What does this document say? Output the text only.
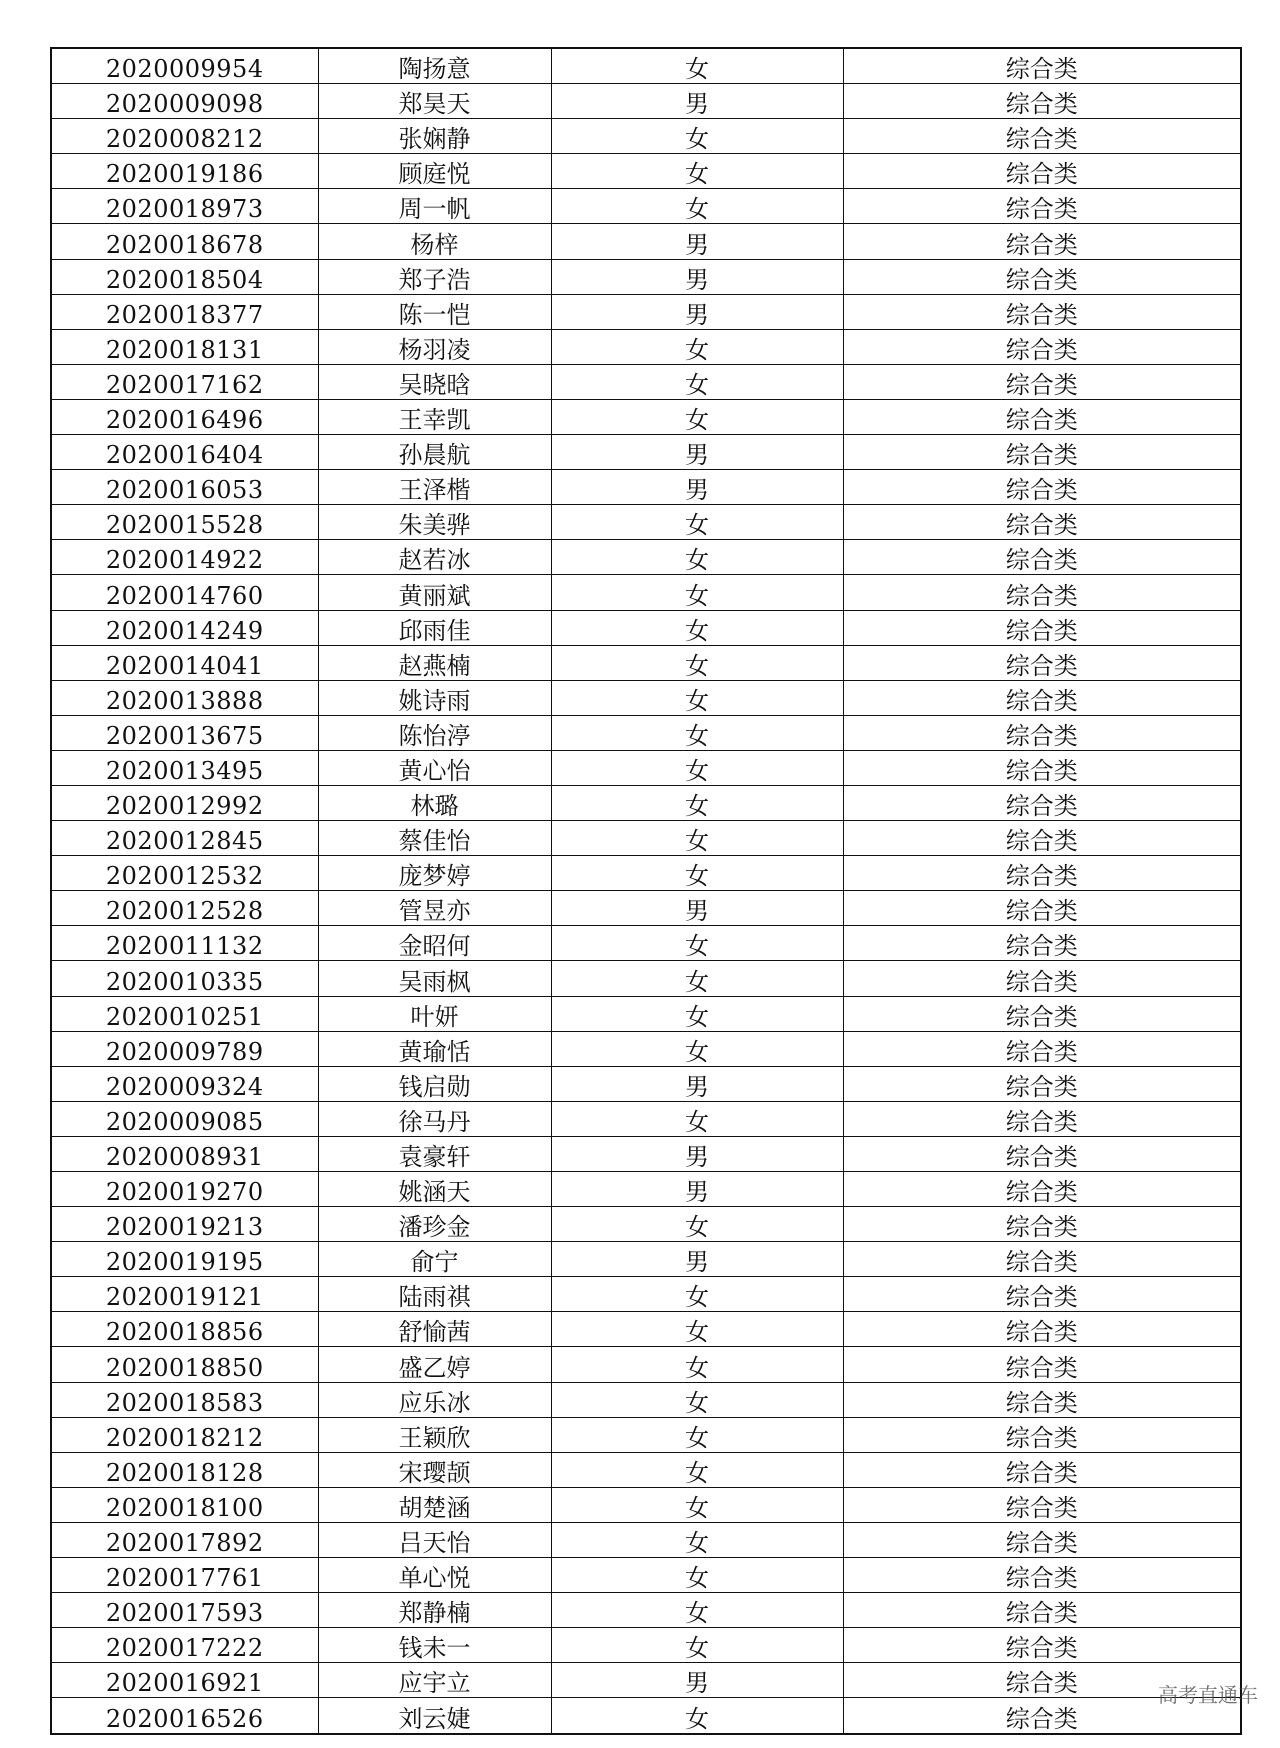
2020009954	陶扬意	女	综合类
2020009098	郑昊天	男	综合类
2020008212	张娴静	女	综合类
2020019186	顾庭悦	女	综合类
2020018973	周一帆	女	综合类
2020018678	杨梓	男	综合类
2020018504	郑子浩	男	综合类
2020018377	陈一恺	男	综合类
2020018131	杨羽凌	女	综合类
2020017162	吴晓晗	女	综合类
2020016496	王幸凯	女	综合类
2020016404	孙晨航	男	综合类
2020016053	王泽楷	男	综合类
2020015528	朱美骅	女	综合类
2020014922	赵若冰	女	综合类
2020014760	黄丽斌	女	综合类
2020014249	邱雨佳	女	综合类
2020014041	赵燕楠	女	综合类
2020013888	姚诗雨	女	综合类
2020013675	陈怡渟	女	综合类
2020013495	黄心怡	女	综合类
2020012992	林璐	女	综合类
2020012845	蔡佳怡	女	综合类
2020012532	庞梦婷	女	综合类
2020012528	管昱亦	男	综合类
2020011132	金昭何	女	综合类
2020010335	吴雨枫	女	综合类
2020010251	叶妍	女	综合类
2020009789	黄瑜恬	女	综合类
2020009324	钱启勋	男	综合类
2020009085	徐马丹	女	综合类
2020008931	袁豪轩	男	综合类
2020019270	姚涵天	男	综合类
2020019213	潘珍金	女	综合类
2020019195	俞宁	男	综合类
2020019121	陆雨祺	女	综合类
2020018856	舒愉茜	女	综合类
2020018850	盛乙婷	女	综合类
2020018583	应乐冰	女	综合类
2020018212	王颖欣	女	综合类
2020018128	宋璎颉	女	综合类
2020018100	胡楚涵	女	综合类
2020017892	吕天怡	女	综合类
2020017761	单心悦	女	综合类
2020017593	郑静楠	女	综合类
2020017222	钱未一	女	综合类
2020016921	应宇立	男	综合类
2020016526	刘云婕	女	综合类
高考直通车
